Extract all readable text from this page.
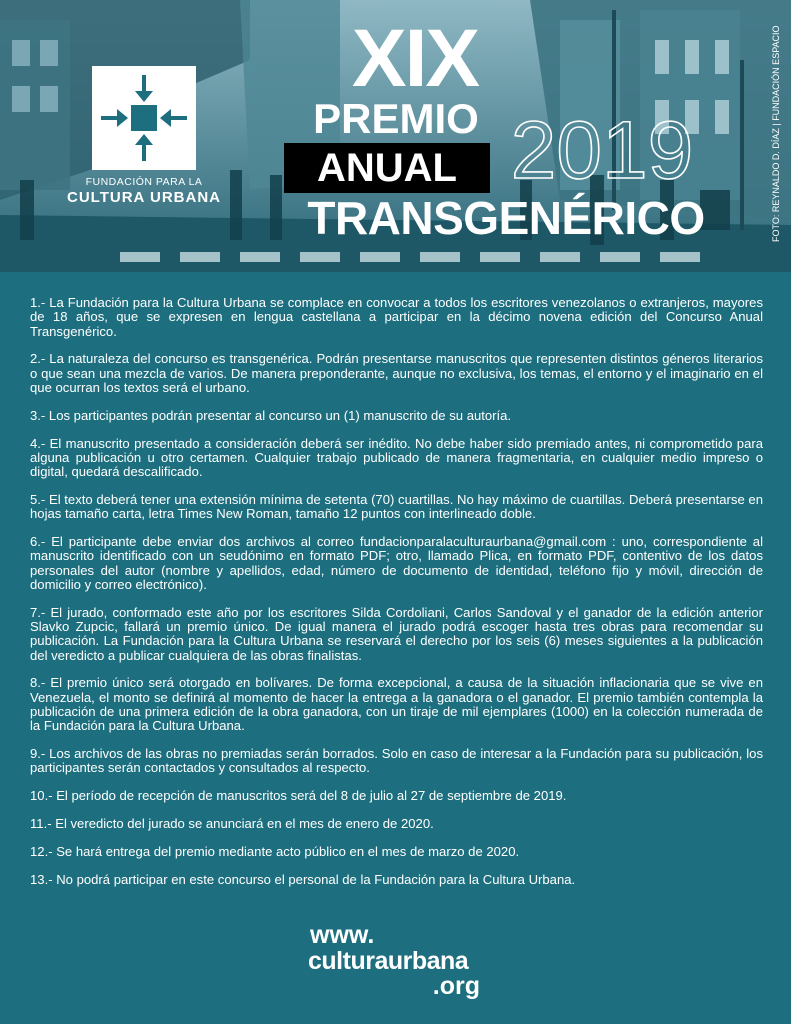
FUNDACIÓN PARA LA
CULTURA URBANA
XIX
PREMIO 2019
ANUAL
TRANSGENÉRICO	FOTO: REYNALDO D. DÍAZ | FUNDACIÓN ESPACIO

1.- La Fundación para la Cultura Urbana se complace en convocar a todos los escritores venezolanos o extranjeros, mayores de 18 años, que se expresen en lengua castellana a participar en la décimo novena edición del Concurso Anual Transgenérico.

2.- La naturaleza del concurso es transgenérica. Podrán presentarse manuscritos que representen distintos géneros literarios o que sean una mezcla de varios. De manera preponderante, aunque no exclusiva, los temas, el entorno y el imaginario en el que ocurran los textos será el urbano.

3.- Los participantes podrán presentar al concurso un (1) manuscrito de su autoría.

4.- El manuscrito presentado a consideración deberá ser inédito. No debe haber sido premiado antes, ni comprometido para alguna publicación u otro certamen. Cualquier trabajo publicado de manera fragmentaria, en cualquier medio impreso o digital, quedará descalificado.

5.- El texto deberá tener una extensión mínima de setenta (70) cuartillas. No hay máximo de cuartillas. Deberá presentarse en hojas tamaño carta, letra Times New Roman, tamaño 12 puntos con interlineado doble.

6.- El participante debe enviar dos archivos al correo fundacionparalaculturaurbana@gmail.com : uno, correspondiente al manuscrito identificado con un seudónimo en formato PDF; otro, llamado Plica, en formato PDF, contentivo de los datos personales del autor (nombre y apellidos, edad, número de documento de identidad, teléfono fijo y móvil, dirección de domicilio y correo electrónico).

7.- El jurado, conformado este año por los escritores Silda Cordoliani, Carlos Sandoval y el ganador de la edición anterior Slavko Zupcic, fallará un premio único. De igual manera el jurado podrá escoger hasta tres obras para recomendar su publicación. La Fundación para la Cultura Urbana se reservará el derecho por los seis (6) meses siguientes a la publicación del veredicto a publicar cualquiera de las obras finalistas.

8.- El premio único será otorgado en bolívares. De forma excepcional, a causa de la situación inflacionaria que se vive en Venezuela, el monto se definirá al momento de hacer la entrega a la ganadora o el ganador. El premio también contempla la publicación de una primera edición de la obra ganadora, con un tiraje de mil ejemplares (1000) en la colección numerada de la Fundación para la Cultura Urbana.

9.- Los archivos de las obras no premiadas serán borrados. Solo en caso de interesar a la Fundación para su publicación, los participantes serán contactados y consultados al respecto.

10.- El período de recepción de manuscritos será del 8 de julio al 27 de septiembre de 2019.

11.- El veredicto del jurado se anunciará en el mes de enero de 2020.

12.- Se hará entrega del premio mediante acto público en el mes de marzo de 2020.

13.- No podrá participar en este concurso el personal de la Fundación para la Cultura Urbana.

www.
culturaurbana
.org
